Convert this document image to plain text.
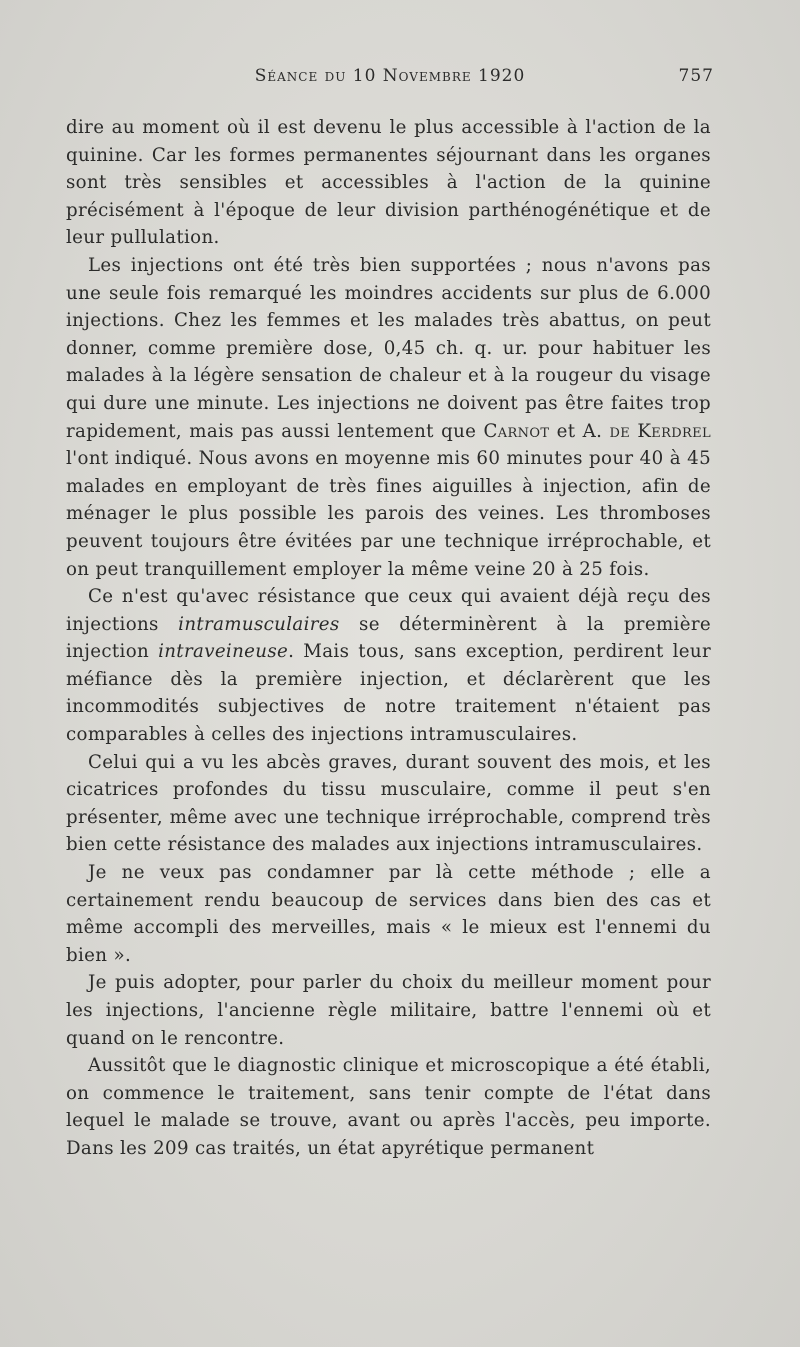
Séance du 10 Novembre 1920	757

dire au moment où il est devenu le plus accessible à l'action de la quinine. Car les formes permanentes séjournant dans les organes sont très sensibles et accessibles à l'action de la quinine précisément à l'époque de leur division parthénogénétique et de leur pullulation.

Les injections ont été très bien supportées ; nous n'avons pas une seule fois remarqué les moindres accidents sur plus de 6.000 injections. Chez les femmes et les malades très abattus, on peut donner, comme première dose, 0,45 ch. q. ur. pour habituer les malades à la légère sensation de chaleur et à la rougeur du visage qui dure une minute. Les injections ne doivent pas être faites trop rapidement, mais pas aussi lentement que Carnot et A. de Kerdrel l'ont indiqué. Nous avons en moyenne mis 60 minutes pour 40 à 45 malades en employant de très fines aiguilles à injection, afin de ménager le plus possible les parois des veines. Les thromboses peuvent toujours être évitées par une technique irréprochable, et on peut tranquillement employer la même veine 20 à 25 fois.

Ce n'est qu'avec résistance que ceux qui avaient déjà reçu des injections intramusculaires se déterminèrent à la première injection intraveineuse. Mais tous, sans exception, perdirent leur méfiance dès la première injection, et déclarèrent que les incommodités subjectives de notre traitement n'étaient pas comparables à celles des injections intramusculaires.

Celui qui a vu les abcès graves, durant souvent des mois, et les cicatrices profondes du tissu musculaire, comme il peut s'en présenter, même avec une technique irréprochable, comprend très bien cette résistance des malades aux injections intramusculaires.

Je ne veux pas condamner par là cette méthode ; elle a certainement rendu beaucoup de services dans bien des cas et même accompli des merveilles, mais « le mieux est l'ennemi du bien ».

Je puis adopter, pour parler du choix du meilleur moment pour les injections, l'ancienne règle militaire, battre l'ennemi où et quand on le rencontre.

Aussitôt que le diagnostic clinique et microscopique a été établi, on commence le traitement, sans tenir compte de l'état dans lequel le malade se trouve, avant ou après l'accès, peu importe. Dans les 209 cas traités, un état apyrétique permanent
